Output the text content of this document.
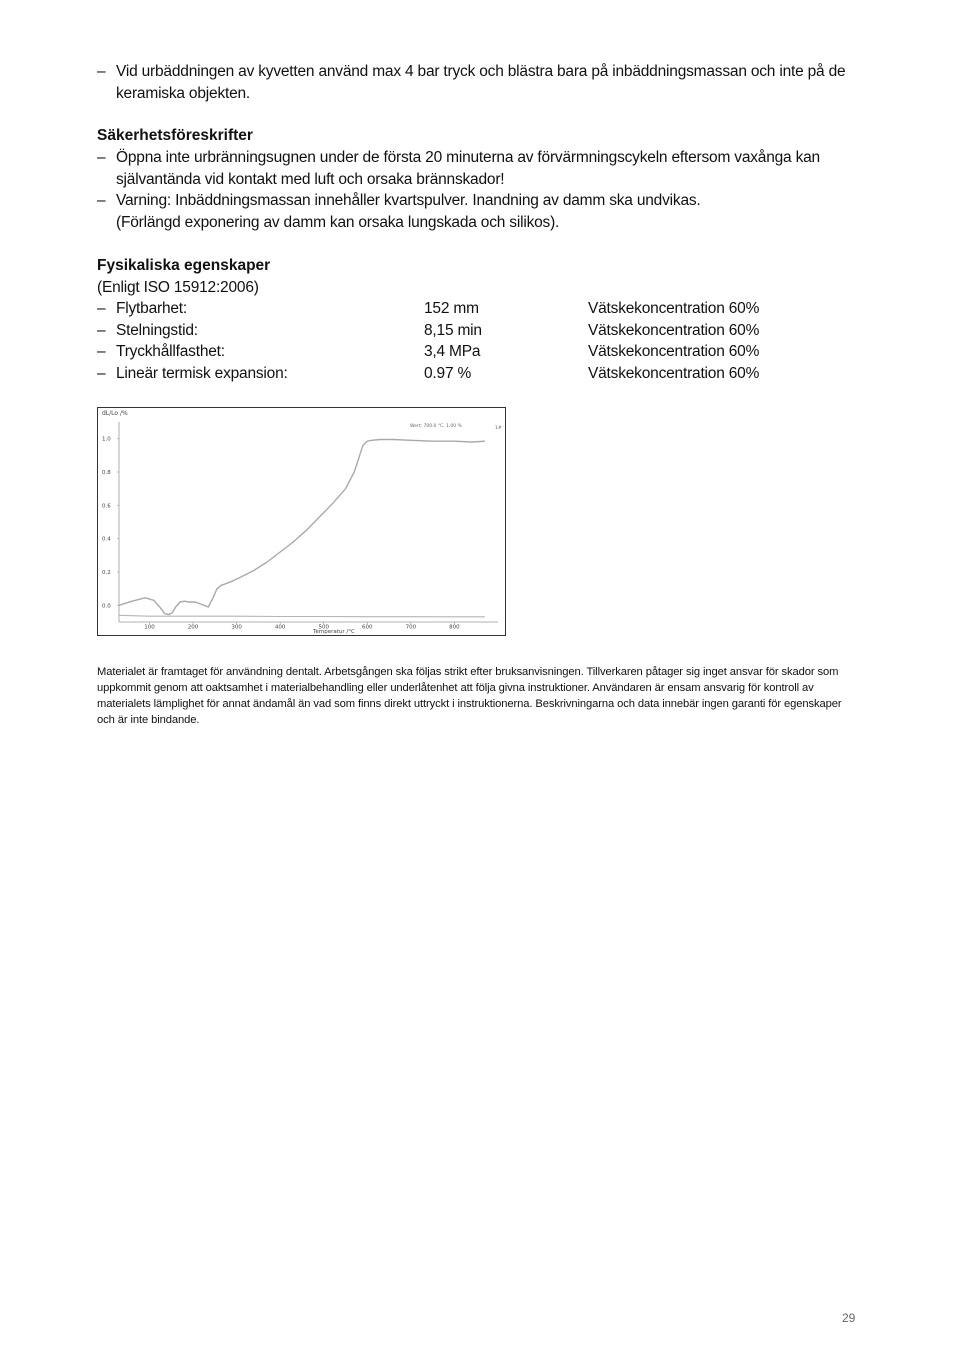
– Vid urbäddningen av kyvetten använd max 4 bar tryck och blästra bara på inbäddningsmassan och inte på de keramiska objekten.
Säkerhetsföreskrifter
– Öppna inte urbränningsugnen under de första 20 minuterna av förvärmningscykeln eftersom vaxånga kan självantända vid kontakt med luft och orsaka brännskador!
– Varning: Inbäddningsmassan innehåller kvartspulver. Inandning av damm ska undvikas.
(Förlängd exponering av damm kan orsaka lungskada och silikos).
Fysikaliska egenskaper
(Enligt ISO 15912:2006)
– Flytbarhet:	152 mm	Vätskekoncentration 60%
– Stelningstid:	8,15 min	Vätskekoncentration 60%
– Tryckhållfasthet:	3,4 MPa	Vätskekoncentration 60%
– Lineär termisk expansion:	0.97 %	Vätskekoncentration 60%
dL/Lo /%
Temperatur /°C
Wert: 700.0 °C, 1.00 %	1#
0.0
0.2
0.4
0.6
0.8
1.0
100	200	300	400	500	600	700	800
Materialet är framtaget för användning dentalt. Arbetsgången ska följas strikt efter bruksanvisningen. Tillverkaren påtager sig inget ansvar för skador som uppkommit genom att oaktsamhet i materialbehandling eller underlåtenhet att följa givna instruktioner. Användaren är ensam ansvarig för kontroll av materialets lämplighet för annat ändamål än vad som finns direkt uttryckt i instruktionerna. Beskrivningarna och data innebär ingen garanti för egenskaper och är inte bindande.
29
